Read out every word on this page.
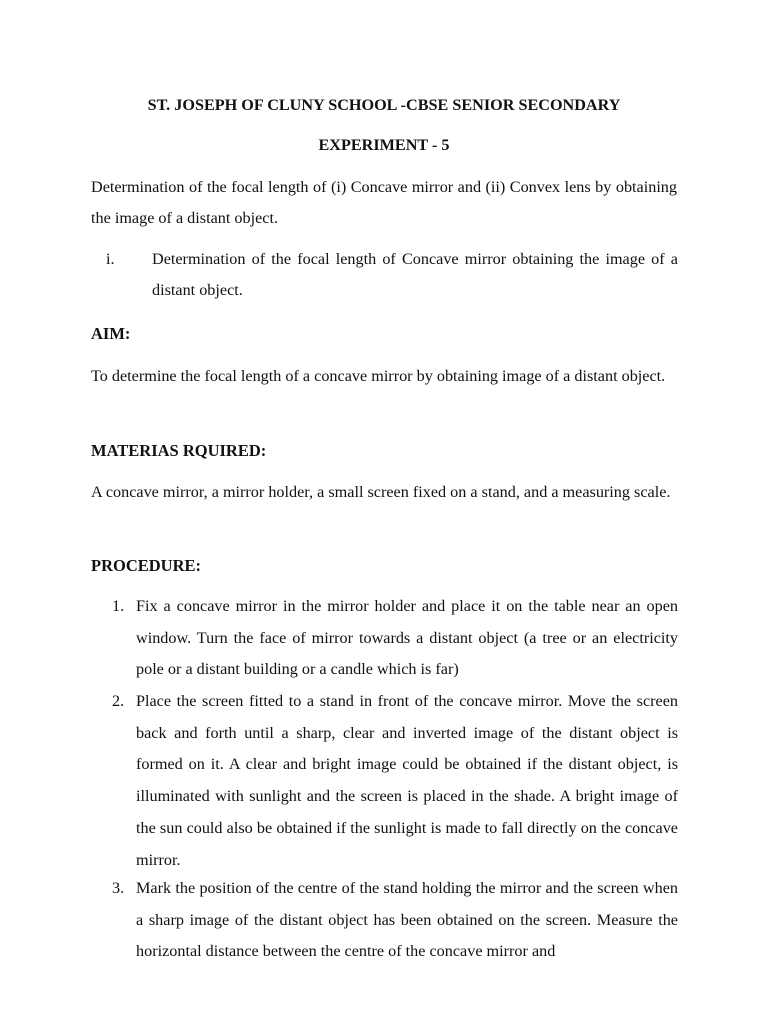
ST. JOSEPH OF CLUNY SCHOOL -CBSE SENIOR SECONDARY
EXPERIMENT - 5

Determination of the focal length of (i) Concave mirror and (ii) Convex lens by obtaining the image of a distant object.

i. Determination of the focal length of Concave mirror obtaining the image of a distant object.

AIM:

To determine the focal length of a concave mirror by obtaining image of a distant object.

MATERIAS RQUIRED:

A concave mirror, a mirror holder, a small screen fixed on a stand, and a measuring scale.

PROCEDURE:
1. Fix a concave mirror in the mirror holder and place it on the table near an open window. Turn the face of mirror towards a distant object (a tree or an electricity pole or a distant building or a candle which is far)

2. Place the screen fitted to a stand in front of the concave mirror. Move the screen back and forth until a sharp, clear and inverted image of the distant object is formed on it. A clear and bright image could be obtained if the distant object, is illuminated with sunlight and the screen is placed in the shade. A bright image of the sun could also be obtained if the sunlight is made to fall directly on the concave mirror.

3. Mark the position of the centre of the stand holding the mirror and the screen when a sharp image of the distant object has been obtained on the screen. Measure the horizontal distance between the centre of the concave mirror and
